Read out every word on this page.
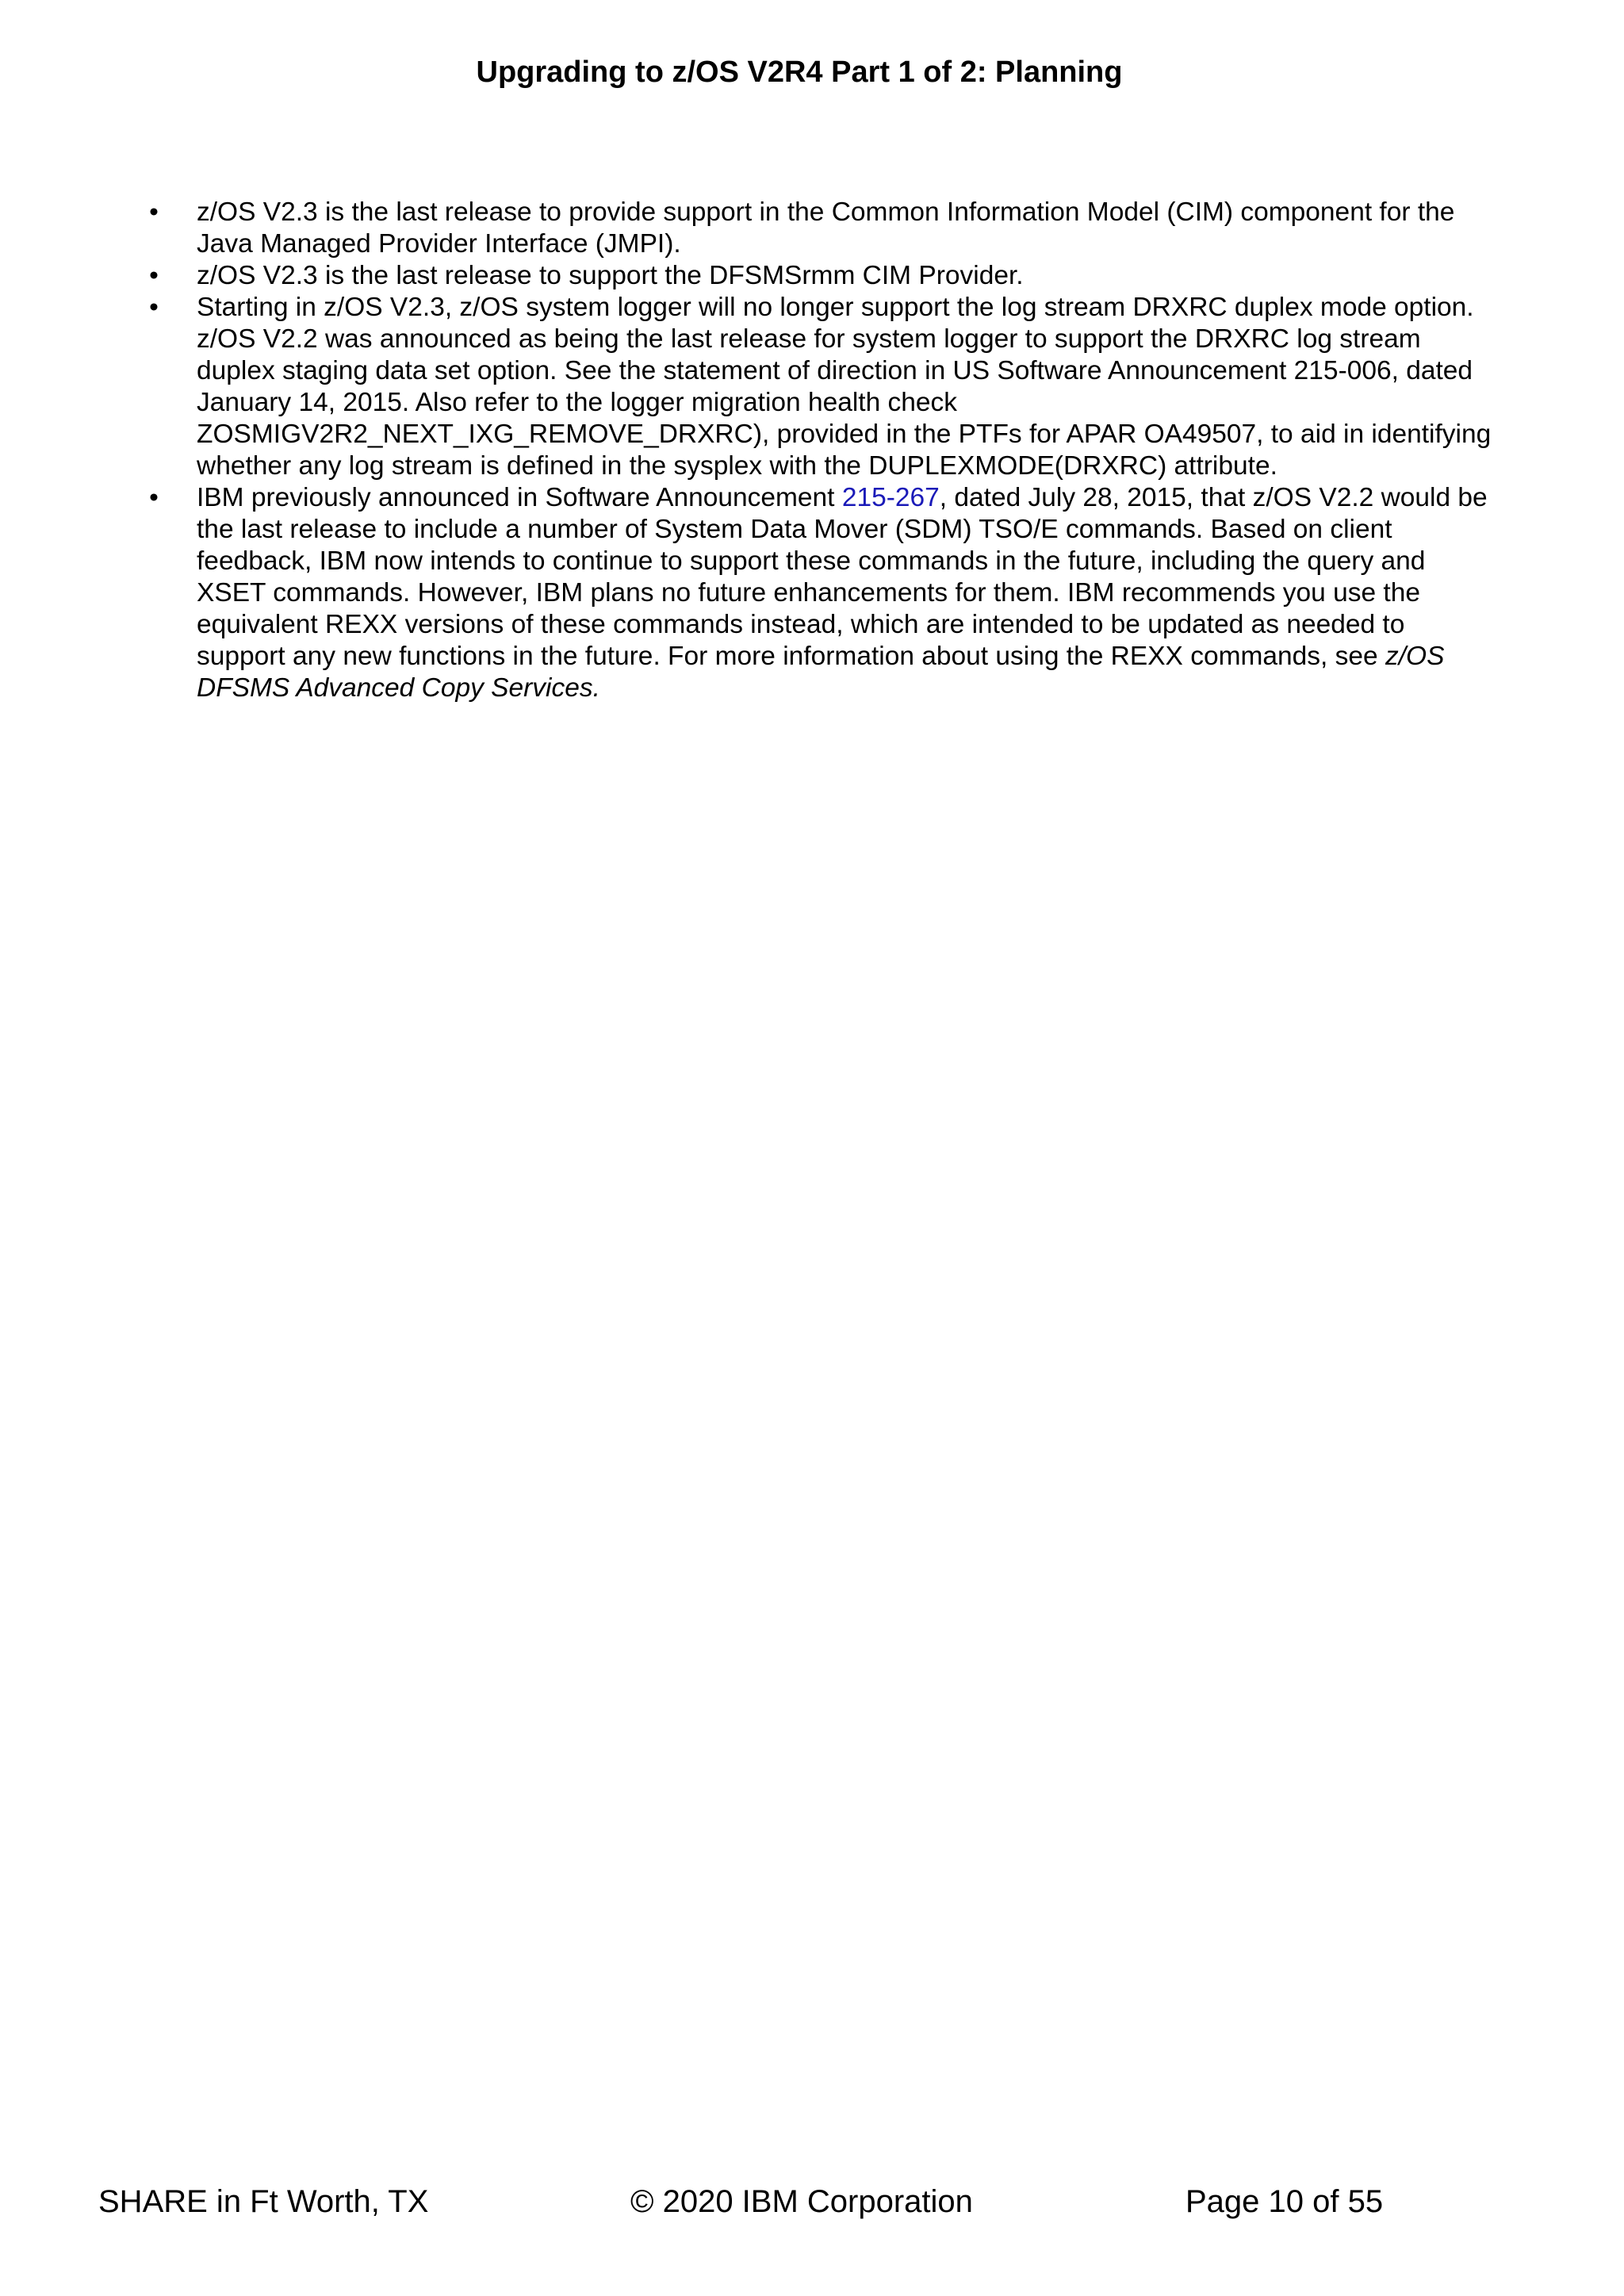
Upgrading to z/OS V2R4 Part 1 of 2: Planning
• z/OS V2.3 is the last release to provide support in the Common Information Model (CIM) component for the Java Managed Provider Interface (JMPI).
• z/OS V2.3 is the last release to support the DFSMSrmm CIM Provider.
• Starting in z/OS V2.3, z/OS system logger will no longer support the log stream DRXRC duplex mode option. z/OS V2.2 was announced as being the last release for system logger to support the DRXRC log stream duplex staging data set option. See the statement of direction in US Software Announcement 215-006, dated January 14, 2015. Also refer to the logger migration health check ZOSMIGV2R2_NEXT_IXG_REMOVE_DRXRC), provided in the PTFs for APAR OA49507, to aid in identifying whether any log stream is defined in the sysplex with the DUPLEXMODE(DRXRC) attribute.
• IBM previously announced in Software Announcement 215-267, dated July 28, 2015, that z/OS V2.2 would be the last release to include a number of System Data Mover (SDM) TSO/E commands. Based on client feedback, IBM now intends to continue to support these commands in the future, including the query and XSET commands. However, IBM plans no future enhancements for them. IBM recommends you use the equivalent REXX versions of these commands instead, which are intended to be updated as needed to support any new functions in the future. For more information about using the REXX commands, see z/OS DFSMS Advanced Copy Services.
SHARE in Ft Worth, TX	© 2020 IBM Corporation	Page 10 of 55
